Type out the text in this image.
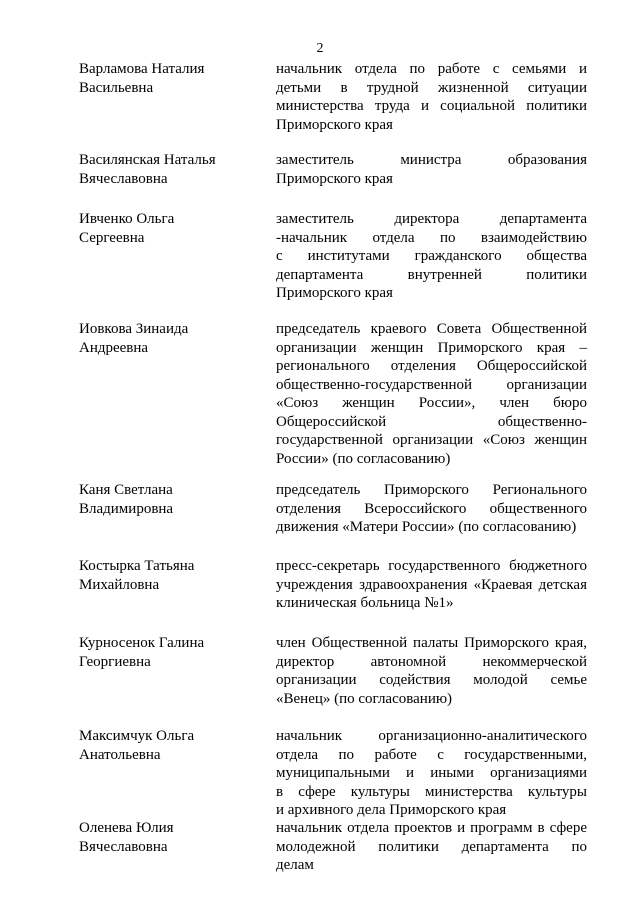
2
Варламова Наталия
Васильевна
начальник отдела по работе с семьями и
детьми в трудной жизненной ситуации
министерства труда и социальной политики
Приморского края
Василянская Наталья
Вячеславовна
заместитель министра образования
Приморского края
Ивченко Ольга
Сергеевна
заместитель директора департамента
-начальник отдела по взаимодействию
с институтами гражданского общества
департамента внутренней политики
Приморского края
Иовкова Зинаида
Андреевна
председатель краевого Совета Общественной
организации женщин Приморского края –
регионального отделения Общероссийской
общественно-государственной организации
«Союз женщин России», член бюро
Общероссийской общественно-
государственной организации «Союз женщин
России» (по согласованию)
Каня Светлана
Владимировна
председатель Приморского Регионального
отделения Всероссийского общественного
движения «Матери России» (по согласованию)
Костырка Татьяна
Михайловна
пресс-секретарь государственного бюджетного
учреждения здравоохранения «Краевая детская
клиническая больница №1»
Курносенок Галина
Георгиевна
член Общественной палаты Приморского края,
директор автономной некоммерческой
организации содействия молодой семье
«Венец» (по согласованию)
Максимчук Ольга
Анатольевна
начальник организационно-аналитического
отдела по работе с государственными,
муниципальными и иными организациями
в сфере культуры министерства культуры
и архивного дела Приморского края
Оленева Юлия
Вячеславовна
начальник отдела проектов и программ в сфере
молодежной политики департамента по
делам
